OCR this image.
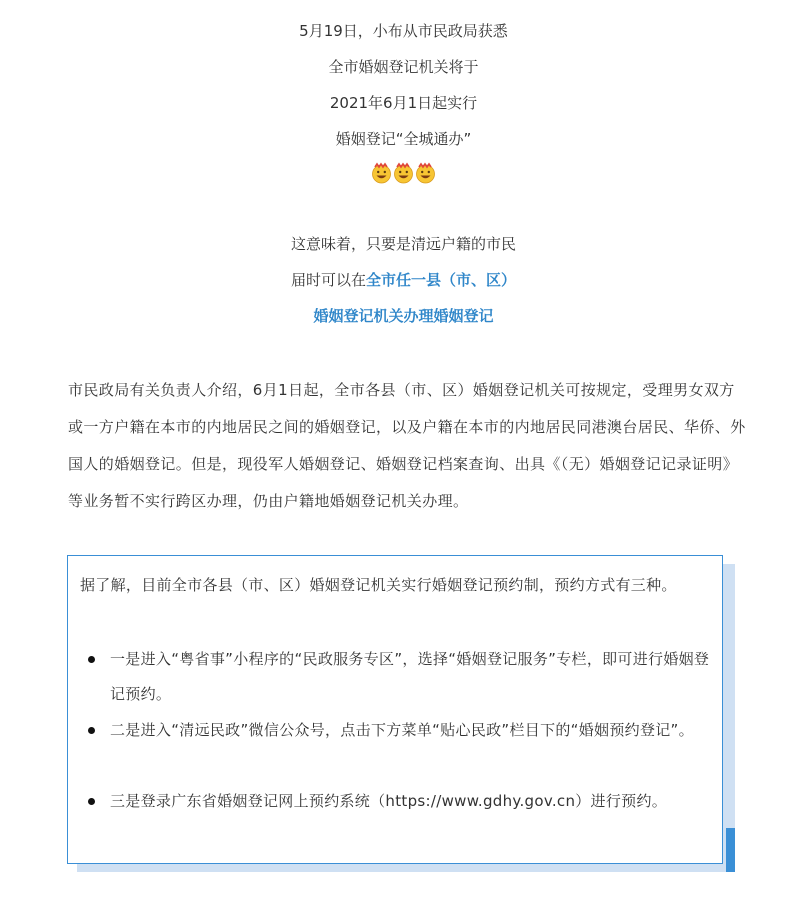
5月19日，小布从市民政局获悉
全市婚姻登记机关将于
2021年6月1日起实行
婚姻登记“全城通办”
这意味着，只要是清远户籍的市民
届时可以在全市任一县（市、区）
婚姻登记机关办理婚姻登记
市民政局有关负责人介绍，6月1日起，全市各县（市、区）婚姻登记机关可按规定，受理男女双方或一方户籍在本市的内地居民之间的婚姻登记，以及户籍在本市的内地居民同港澳台居民、华侨、外国人的婚姻登记。但是，现役军人婚姻登记、婚姻登记档案查询、出具《（无）婚姻登记记录证明》等业务暂不实行跨区办理，仍由户籍地婚姻登记机关办理。
据了解，目前全市各县（市、区）婚姻登记机关实行婚姻登记预约制，预约方式有三种。
一是进入“粤省事”小程序的“民政服务专区”，选择“婚姻登记服务”专栏，即可进行婚姻登记预约。
二是进入“清远民政”微信公众号，点击下方菜单“贴心民政”栏目下的“婚姻预约登记”。
三是登录广东省婚姻登记网上预约系统（https://www.gdhy.gov.cn）进行预约。
